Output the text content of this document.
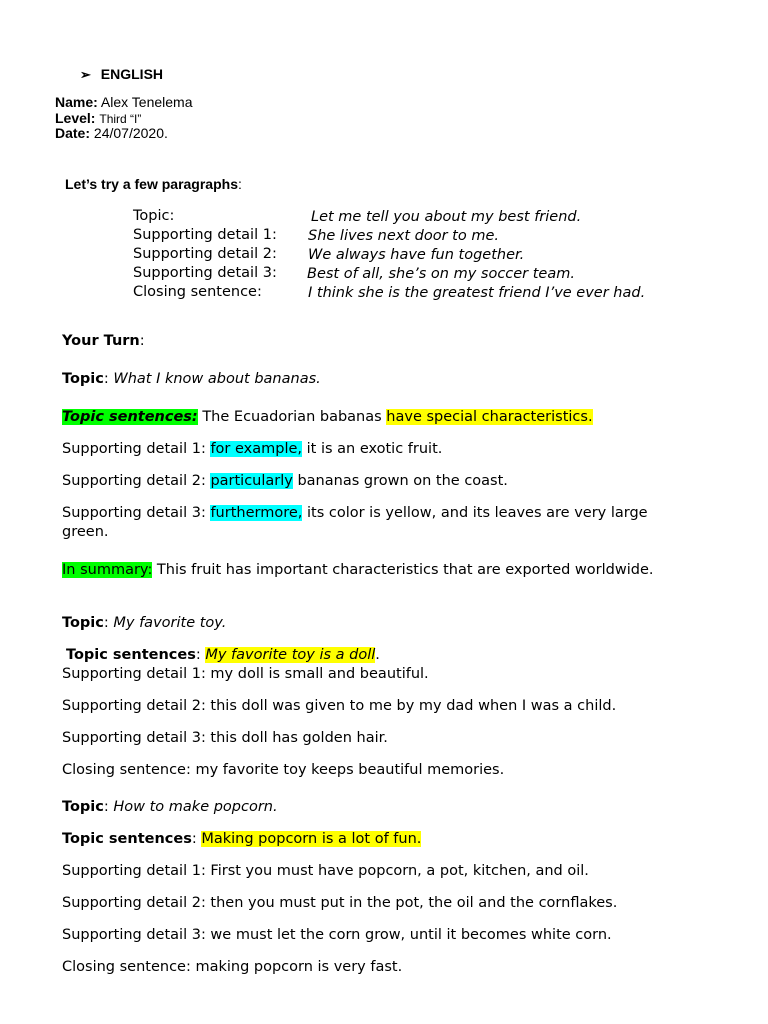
➢ ENGLISH
Name: Alex Tenelema
Level: Third “I”
Date: 24/07/2020.
Let’s try a few paragraphs:
Topic:	Let me tell you about my best friend.
Supporting detail 1: She lives next door to me.
Supporting detail 2: We always have fun together.
Supporting detail 3: Best of all, she’s on my soccer team.
Closing sentence:	I think she is the greatest friend I’ve ever had.
Your Turn:
Topic: What I know about bananas.
Topic sentences: The Ecuadorian babanas have special characteristics.
Supporting detail 1: for example, it is an exotic fruit.
Supporting detail 2: particularly bananas grown on the coast.
Supporting detail 3: furthermore, its color is yellow, and its leaves are very large
green.
In summary: This fruit has important characteristics that are exported worldwide.
Topic: My favorite toy.
Topic sentences: My favorite toy is a doll.
Supporting detail 1: my doll is small and beautiful.
Supporting detail 2: this doll was given to me by my dad when I was a child.
Supporting detail 3: this doll has golden hair.
Closing sentence: my favorite toy keeps beautiful memories.
Topic: How to make popcorn.
Topic sentences: Making popcorn is a lot of fun.
Supporting detail 1: First you must have popcorn, a pot, kitchen, and oil.
Supporting detail 2: then you must put in the pot, the oil and the cornflakes.
Supporting detail 3: we must let the corn grow, until it becomes white corn.
Closing sentence: making popcorn is very fast.
